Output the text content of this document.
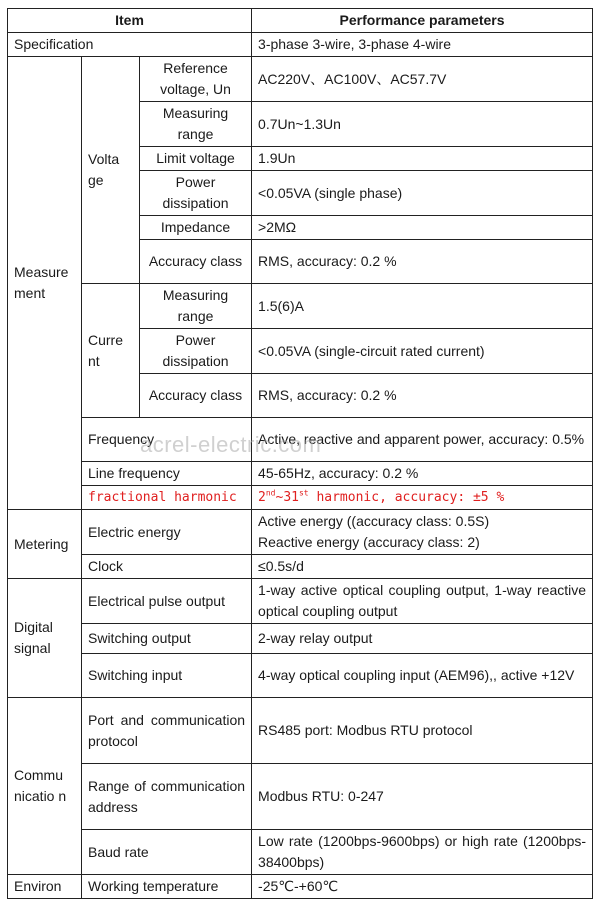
Item			Performance parameters
Specification			3-phase 3-wire, 3-phase 4-wire
Measure ment	Volta ge	Reference voltage, Un	AC220V、AC100V、AC57.7V
		Measuring range	0.7Un~1.3Un
		Limit voltage	1.9Un
		Power dissipation	<0.05VA (single phase)
		Impedance	>2MΩ
		Accuracy class	RMS, accuracy: 0.2 %
	Curre nt	Measuring range	1.5(6)A
		Power dissipation	<0.05VA (single-circuit rated current)
		Accuracy class	RMS, accuracy: 0.2 %
	Frequency		Active, reactive and apparent power, accuracy: 0.5%
	Line frequency		45-65Hz, accuracy: 0.2 %
	fractional harmonic		2nd~31st harmonic, accuracy: ±5 %
Metering	Electric energy		Active energy ((accuracy class: 0.5S)
Reactive energy (accuracy class: 2)

	Clock		≤0.5s/d
Digital signal	Electrical pulse output		1-way active optical coupling output, 1-way reactive optical coupling output
	Switching output		2-way relay output
	Switching input		4-way optical coupling input (AEM96),, active +12V
Commu nicatio n	Port and communication protocol		RS485 port: Modbus RTU protocol
	Range of communication address		Modbus RTU: 0-247
	Baud rate		Low rate (1200bps-9600bps) or high rate (1200bps-38400bps)
Environ	Working temperature		-25℃-+60℃
acrel-electric.com
